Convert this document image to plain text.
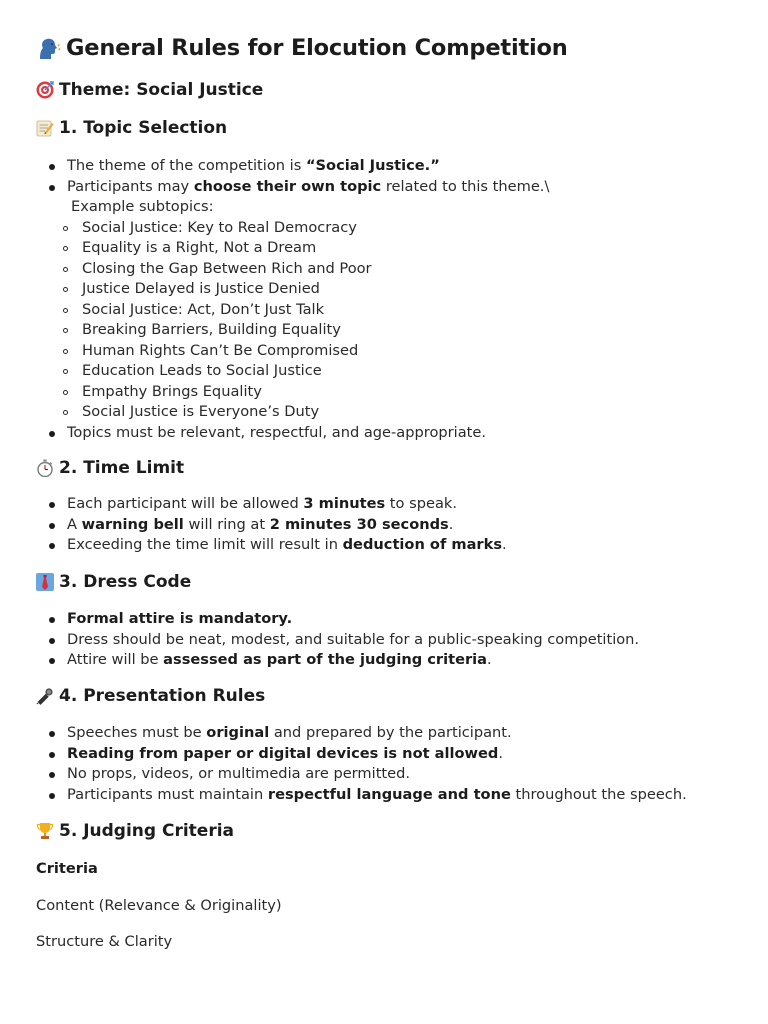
General Rules for Elocution Competition
Theme: Social Justice
1. Topic Selection
The theme of the competition is “Social Justice.”
Participants may choose their own topic related to this theme.\
Example subtopics:
Social Justice: Key to Real Democracy
Equality is a Right, Not a Dream
Closing the Gap Between Rich and Poor
Justice Delayed is Justice Denied
Social Justice: Act, Don’t Just Talk
Breaking Barriers, Building Equality
Human Rights Can’t Be Compromised
Education Leads to Social Justice
Empathy Brings Equality
Social Justice is Everyone’s Duty
Topics must be relevant, respectful, and age-appropriate.
2. Time Limit
Each participant will be allowed 3 minutes to speak.
A warning bell will ring at 2 minutes 30 seconds.
Exceeding the time limit will result in deduction of marks.
3. Dress Code
Formal attire is mandatory.
Dress should be neat, modest, and suitable for a public-speaking competition.
Attire will be assessed as part of the judging criteria.
4. Presentation Rules
Speeches must be original and prepared by the participant.
Reading from paper or digital devices is not allowed.
No props, videos, or multimedia are permitted.
Participants must maintain respectful language and tone throughout the speech.
5. Judging Criteria
Criteria
Content (Relevance & Originality)
Structure & Clarity
